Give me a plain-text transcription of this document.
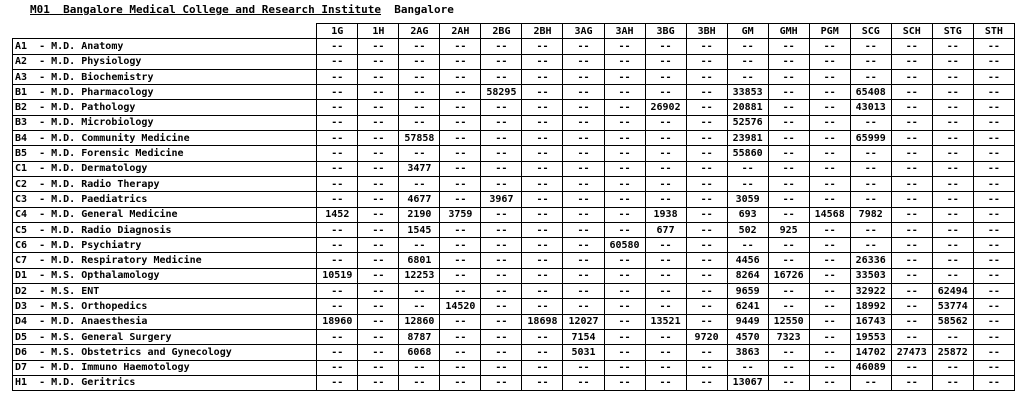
M01 Bangalore Medical College and Research Institute Bangalore
	1G	1H	2AG	2AH	2BG	2BH	3AG	3AH	3BG	3BH	GM	GMH	PGM	SCG	SCH	STG	STH
A1  - M.D. Anatomy	--	--	--	--	--	--	--	--	--	--	--	--	--	--	--	--	--
A2  - M.D. Physiology	--	--	--	--	--	--	--	--	--	--	--	--	--	--	--	--	--
A3  - M.D. Biochemistry	--	--	--	--	--	--	--	--	--	--	--	--	--	--	--	--	--
B1  - M.D. Pharmacology	--	--	--	--	58295	--	--	--	--	--	33853	--	--	65408	--	--	--
B2  - M.D. Pathology	--	--	--	--	--	--	--	--	26902	--	20881	--	--	43013	--	--	--
B3  - M.D. Microbiology	--	--	--	--	--	--	--	--	--	--	52576	--	--	--	--	--	--
B4  - M.D. Community Medicine	--	--	57858	--	--	--	--	--	--	--	23981	--	--	65999	--	--	--
B5  - M.D. Forensic Medicine	--	--	--	--	--	--	--	--	--	--	55860	--	--	--	--	--	--
C1  - M.D. Dermatology	--	--	3477	--	--	--	--	--	--	--	--	--	--	--	--	--	--
C2  - M.D. Radio Therapy	--	--	--	--	--	--	--	--	--	--	--	--	--	--	--	--	--
C3  - M.D. Paediatrics	--	--	4677	--	3967	--	--	--	--	--	3059	--	--	--	--	--	--
C4  - M.D. General Medicine	1452	--	2190	3759	--	--	--	--	1938	--	693	--	14568	7982	--	--	--
C5  - M.D. Radio Diagnosis	--	--	1545	--	--	--	--	--	677	--	502	925	--	--	--	--	--
C6  - M.D. Psychiatry	--	--	--	--	--	--	--	60580	--	--	--	--	--	--	--	--	--
C7  - M.D. Respiratory Medicine	--	--	6801	--	--	--	--	--	--	--	4456	--	--	26336	--	--	--
D1  - M.S. Opthalamology	10519	--	12253	--	--	--	--	--	--	--	8264	16726	--	33503	--	--	--
D2  - M.S. ENT	--	--	--	--	--	--	--	--	--	--	9659	--	--	32922	--	62494	--
D3  - M.S. Orthopedics	--	--	--	14520	--	--	--	--	--	--	6241	--	--	18992	--	53774	--
D4  - M.D. Anaesthesia	18960	--	12860	--	--	18698	12027	--	13521	--	9449	12550	--	16743	--	58562	--
D5  - M.S. General Surgery	--	--	8787	--	--	--	7154	--	--	9720	4570	7323	--	19553	--	--	--
D6  - M.S. Obstetrics and Gynecology	--	--	6068	--	--	--	5031	--	--	--	3863	--	--	14702	27473	25872	--
D7  - M.D. Immuno Haemotology	--	--	--	--	--	--	--	--	--	--	--	--	--	46089	--	--	--
H1  - M.D. Geritrics	--	--	--	--	--	--	--	--	--	--	13067	--	--	--	--	--	--
